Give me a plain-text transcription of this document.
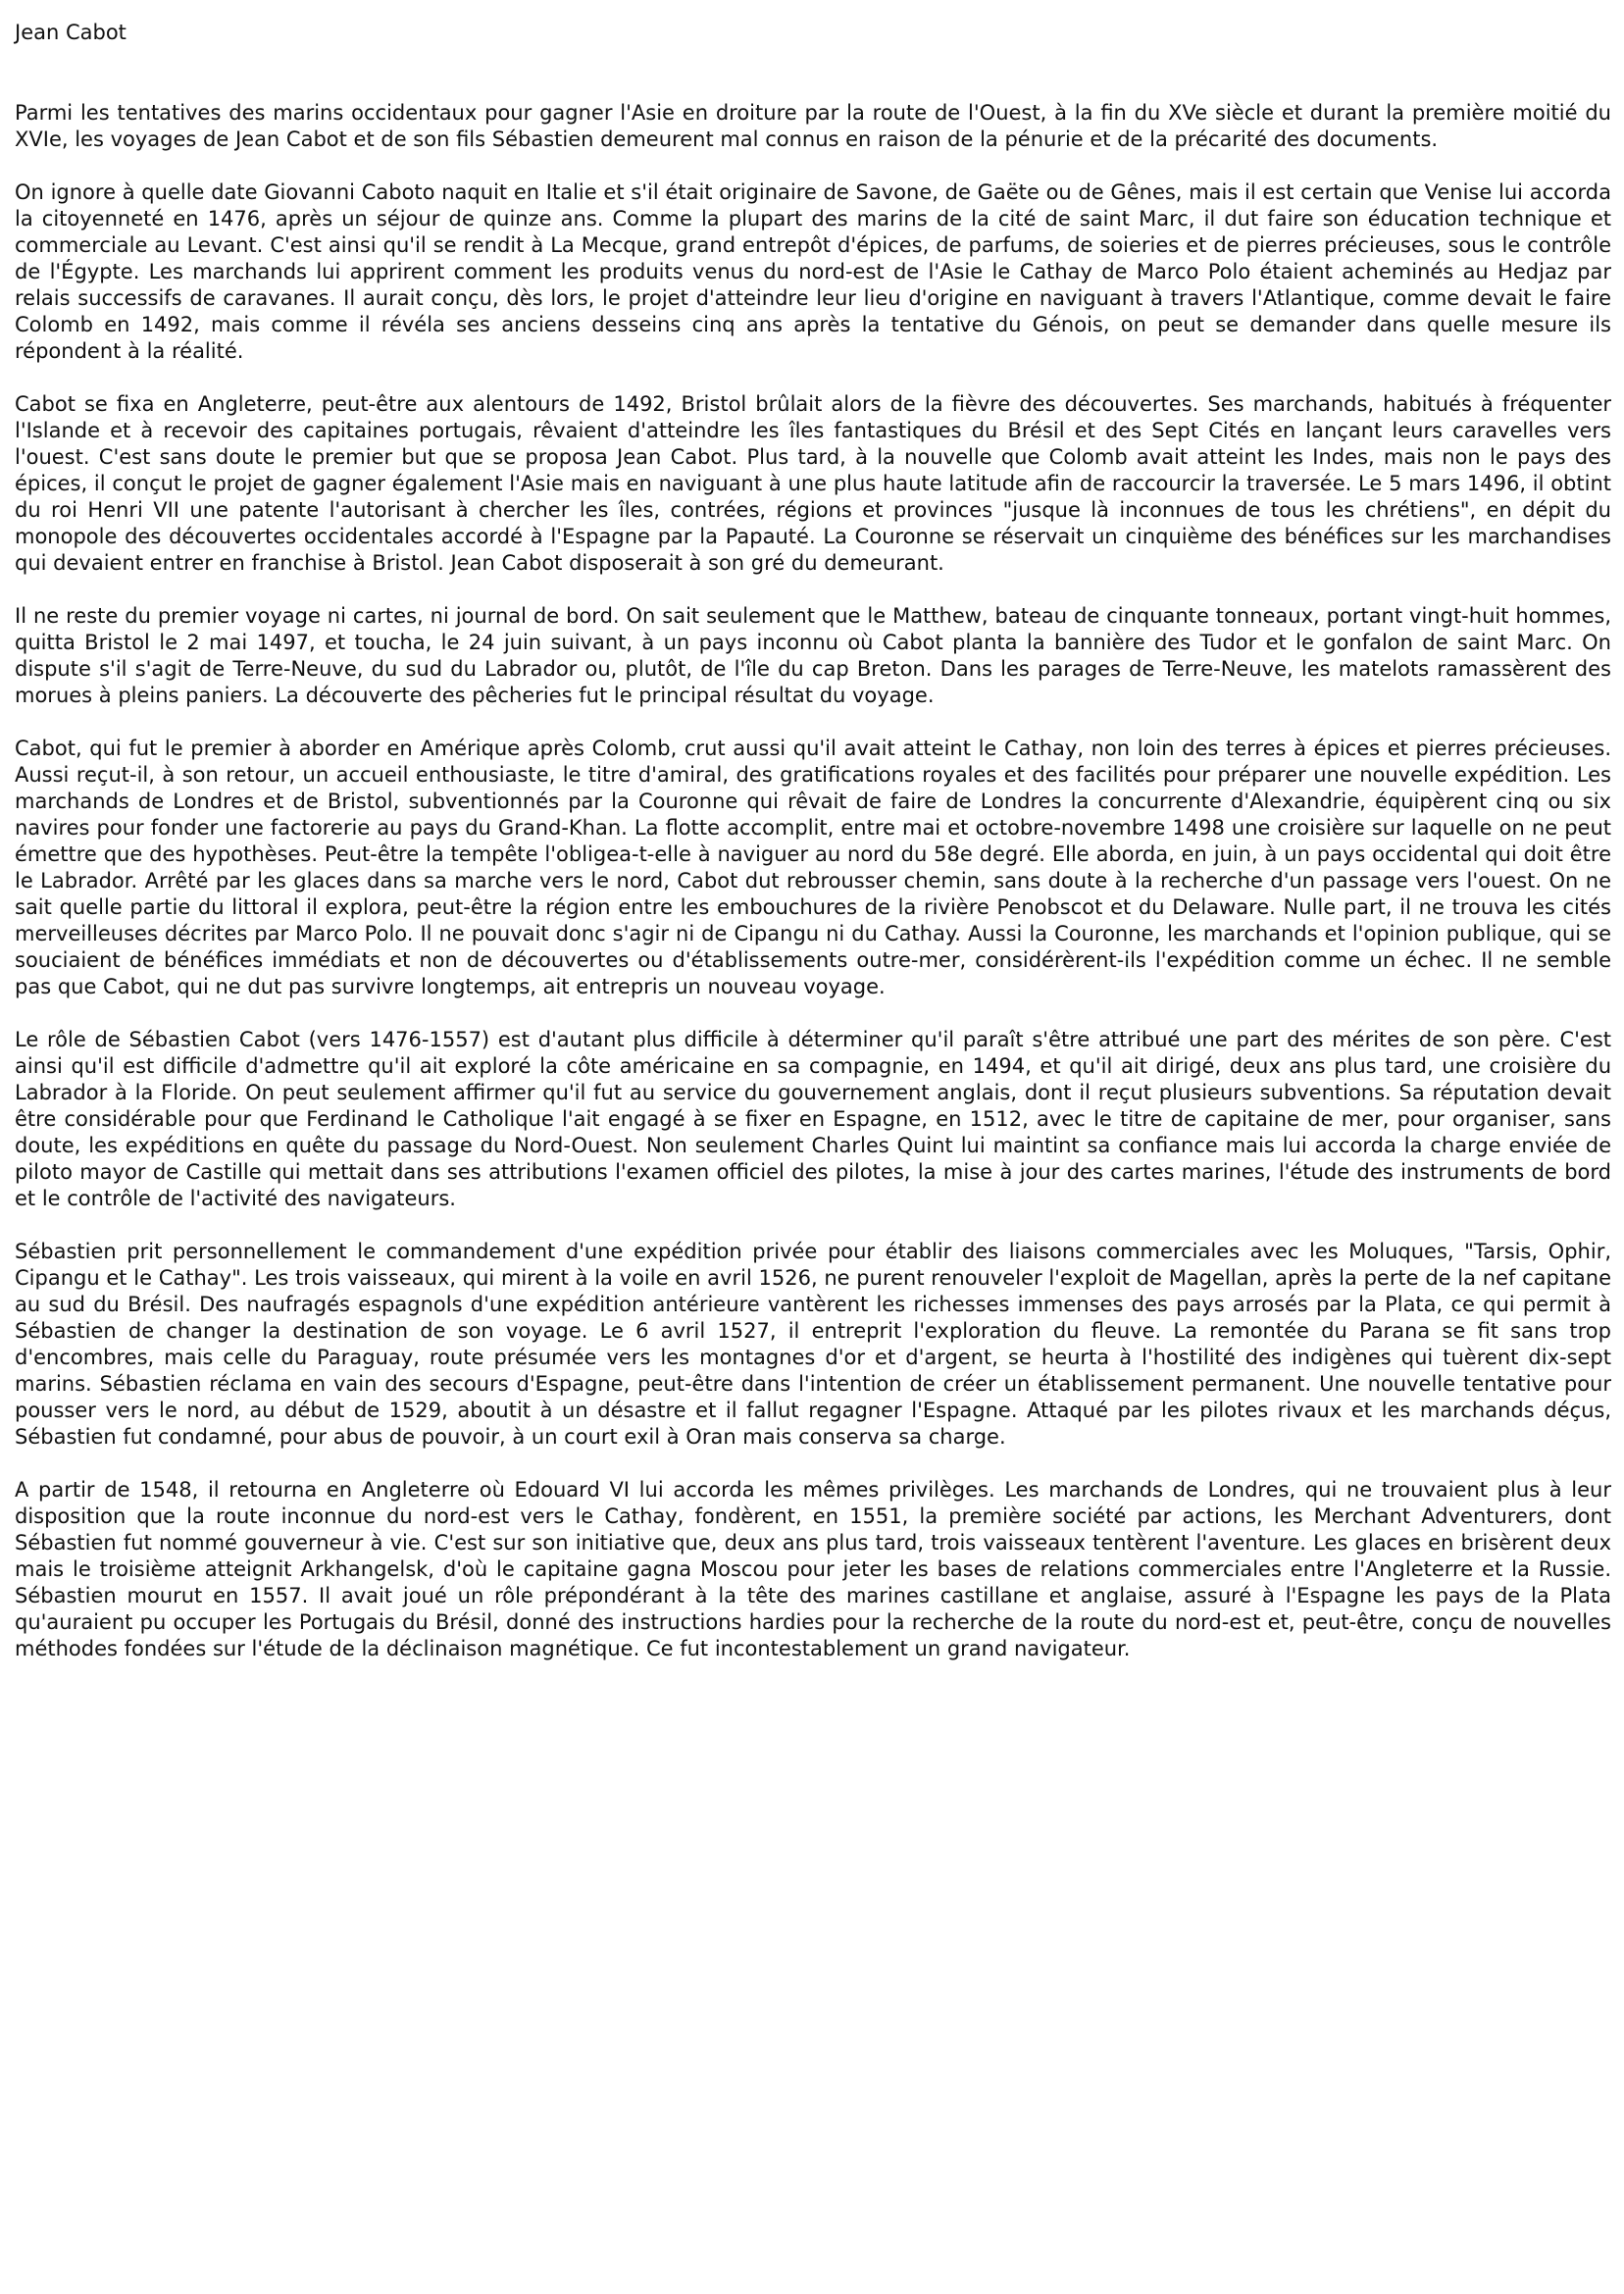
Jean Cabot

Parmi les tentatives des marins occidentaux pour gagner l'Asie en droiture par la route de l'Ouest, à la fin du XVe siècle et durant la première moitié du XVIe, les voyages de Jean Cabot et de son fils Sébastien demeurent mal connus en raison de la pénurie et de la précarité des documents.

On ignore à quelle date Giovanni Caboto naquit en Italie et s'il était originaire de Savone, de Gaëte ou de Gênes, mais il est certain que Venise lui accorda la citoyenneté en 1476, après un séjour de quinze ans. Comme la plupart des marins de la cité de saint Marc, il dut faire son éducation technique et commerciale au Levant. C'est ainsi qu'il se rendit à La Mecque, grand entrepôt d'épices, de parfums, de soieries et de pierres précieuses, sous le contrôle de l'Égypte. Les marchands lui apprirent comment les produits venus du nord-est de l'Asie le Cathay de Marco Polo étaient acheminés au Hedjaz par relais successifs de caravanes. Il aurait conçu, dès lors, le projet d'atteindre leur lieu d'origine en naviguant à travers l'Atlantique, comme devait le faire Colomb en 1492, mais comme il révéla ses anciens desseins cinq ans après la tentative du Génois, on peut se demander dans quelle mesure ils répondent à la réalité.

Cabot se fixa en Angleterre, peut-être aux alentours de 1492, Bristol brûlait alors de la fièvre des découvertes. Ses marchands, habitués à fréquenter l'Islande et à recevoir des capitaines portugais, rêvaient d'atteindre les îles fantastiques du Brésil et des Sept Cités en lançant leurs caravelles vers l'ouest. C'est sans doute le premier but que se proposa Jean Cabot. Plus tard, à la nouvelle que Colomb avait atteint les Indes, mais non le pays des épices, il conçut le projet de gagner également l'Asie mais en naviguant à une plus haute latitude afin de raccourcir la traversée. Le 5 mars 1496, il obtint du roi Henri VII une patente l'autorisant à chercher les îles, contrées, régions et provinces "jusque là inconnues de tous les chrétiens", en dépit du monopole des découvertes occidentales accordé à l'Espagne par la Papauté. La Couronne se réservait un cinquième des bénéfices sur les marchandises qui devaient entrer en franchise à Bristol. Jean Cabot disposerait à son gré du demeurant.

Il ne reste du premier voyage ni cartes, ni journal de bord. On sait seulement que le Matthew, bateau de cinquante tonneaux, portant vingt-huit hommes, quitta Bristol le 2 mai 1497, et toucha, le 24 juin suivant, à un pays inconnu où Cabot planta la bannière des Tudor et le gonfalon de saint Marc. On dispute s'il s'agit de Terre-Neuve, du sud du Labrador ou, plutôt, de l'île du cap Breton. Dans les parages de Terre-Neuve, les matelots ramassèrent des morues à pleins paniers. La découverte des pêcheries fut le principal résultat du voyage.

Cabot, qui fut le premier à aborder en Amérique après Colomb, crut aussi qu'il avait atteint le Cathay, non loin des terres à épices et pierres précieuses. Aussi reçut-il, à son retour, un accueil enthousiaste, le titre d'amiral, des gratifications royales et des facilités pour préparer une nouvelle expédition. Les marchands de Londres et de Bristol, subventionnés par la Couronne qui rêvait de faire de Londres la concurrente d'Alexandrie, équipèrent cinq ou six navires pour fonder une factorerie au pays du Grand-Khan. La flotte accomplit, entre mai et octobre-novembre 1498 une croisière sur laquelle on ne peut émettre que des hypothèses. Peut-être la tempête l'obligea-t-elle à naviguer au nord du 58e degré. Elle aborda, en juin, à un pays occidental qui doit être le Labrador. Arrêté par les glaces dans sa marche vers le nord, Cabot dut rebrousser chemin, sans doute à la recherche d'un passage vers l'ouest. On ne sait quelle partie du littoral il explora, peut-être la région entre les embouchures de la rivière Penobscot et du Delaware. Nulle part, il ne trouva les cités merveilleuses décrites par Marco Polo. Il ne pouvait donc s'agir ni de Cipangu ni du Cathay. Aussi la Couronne, les marchands et l'opinion publique, qui se souciaient de bénéfices immédiats et non de découvertes ou d'établissements outre-mer, considérèrent-ils l'expédition comme un échec. Il ne semble pas que Cabot, qui ne dut pas survivre longtemps, ait entrepris un nouveau voyage.

Le rôle de Sébastien Cabot (vers 1476-1557) est d'autant plus difficile à déterminer qu'il paraît s'être attribué une part des mérites de son père. C'est ainsi qu'il est difficile d'admettre qu'il ait exploré la côte américaine en sa compagnie, en 1494, et qu'il ait dirigé, deux ans plus tard, une croisière du Labrador à la Floride. On peut seulement affirmer qu'il fut au service du gouvernement anglais, dont il reçut plusieurs subventions. Sa réputation devait être considérable pour que Ferdinand le Catholique l'ait engagé à se fixer en Espagne, en 1512, avec le titre de capitaine de mer, pour organiser, sans doute, les expéditions en quête du passage du Nord-Ouest. Non seulement Charles Quint lui maintint sa confiance mais lui accorda la charge enviée de piloto mayor de Castille qui mettait dans ses attributions l'examen officiel des pilotes, la mise à jour des cartes marines, l'étude des instruments de bord et le contrôle de l'activité des navigateurs.

Sébastien prit personnellement le commandement d'une expédition privée pour établir des liaisons commerciales avec les Moluques, "Tarsis, Ophir, Cipangu et le Cathay". Les trois vaisseaux, qui mirent à la voile en avril 1526, ne purent renouveler l'exploit de Magellan, après la perte de la nef capitane au sud du Brésil. Des naufragés espagnols d'une expédition antérieure vantèrent les richesses immenses des pays arrosés par la Plata, ce qui permit à Sébastien de changer la destination de son voyage. Le 6 avril 1527, il entreprit l'exploration du fleuve. La remontée du Parana se fit sans trop d'encombres, mais celle du Paraguay, route présumée vers les montagnes d'or et d'argent, se heurta à l'hostilité des indigènes qui tuèrent dix-sept marins. Sébastien réclama en vain des secours d'Espagne, peut-être dans l'intention de créer un établissement permanent. Une nouvelle tentative pour pousser vers le nord, au début de 1529, aboutit à un désastre et il fallut regagner l'Espagne. Attaqué par les pilotes rivaux et les marchands déçus, Sébastien fut condamné, pour abus de pouvoir, à un court exil à Oran mais conserva sa charge.

A partir de 1548, il retourna en Angleterre où Edouard VI lui accorda les mêmes privilèges. Les marchands de Londres, qui ne trouvaient plus à leur disposition que la route inconnue du nord-est vers le Cathay, fondèrent, en 1551, la première société par actions, les Merchant Adventurers, dont Sébastien fut nommé gouverneur à vie. C'est sur son initiative que, deux ans plus tard, trois vaisseaux tentèrent l'aventure. Les glaces en brisèrent deux mais le troisième atteignit Arkhangelsk, d'où le capitaine gagna Moscou pour jeter les bases de relations commerciales entre l'Angleterre et la Russie. Sébastien mourut en 1557. Il avait joué un rôle prépondérant à la tête des marines castillane et anglaise, assuré à l'Espagne les pays de la Plata qu'auraient pu occuper les Portugais du Brésil, donné des instructions hardies pour la recherche de la route du nord-est et, peut-être, conçu de nouvelles méthodes fondées sur l'étude de la déclinaison magnétique. Ce fut incontestablement un grand navigateur.
